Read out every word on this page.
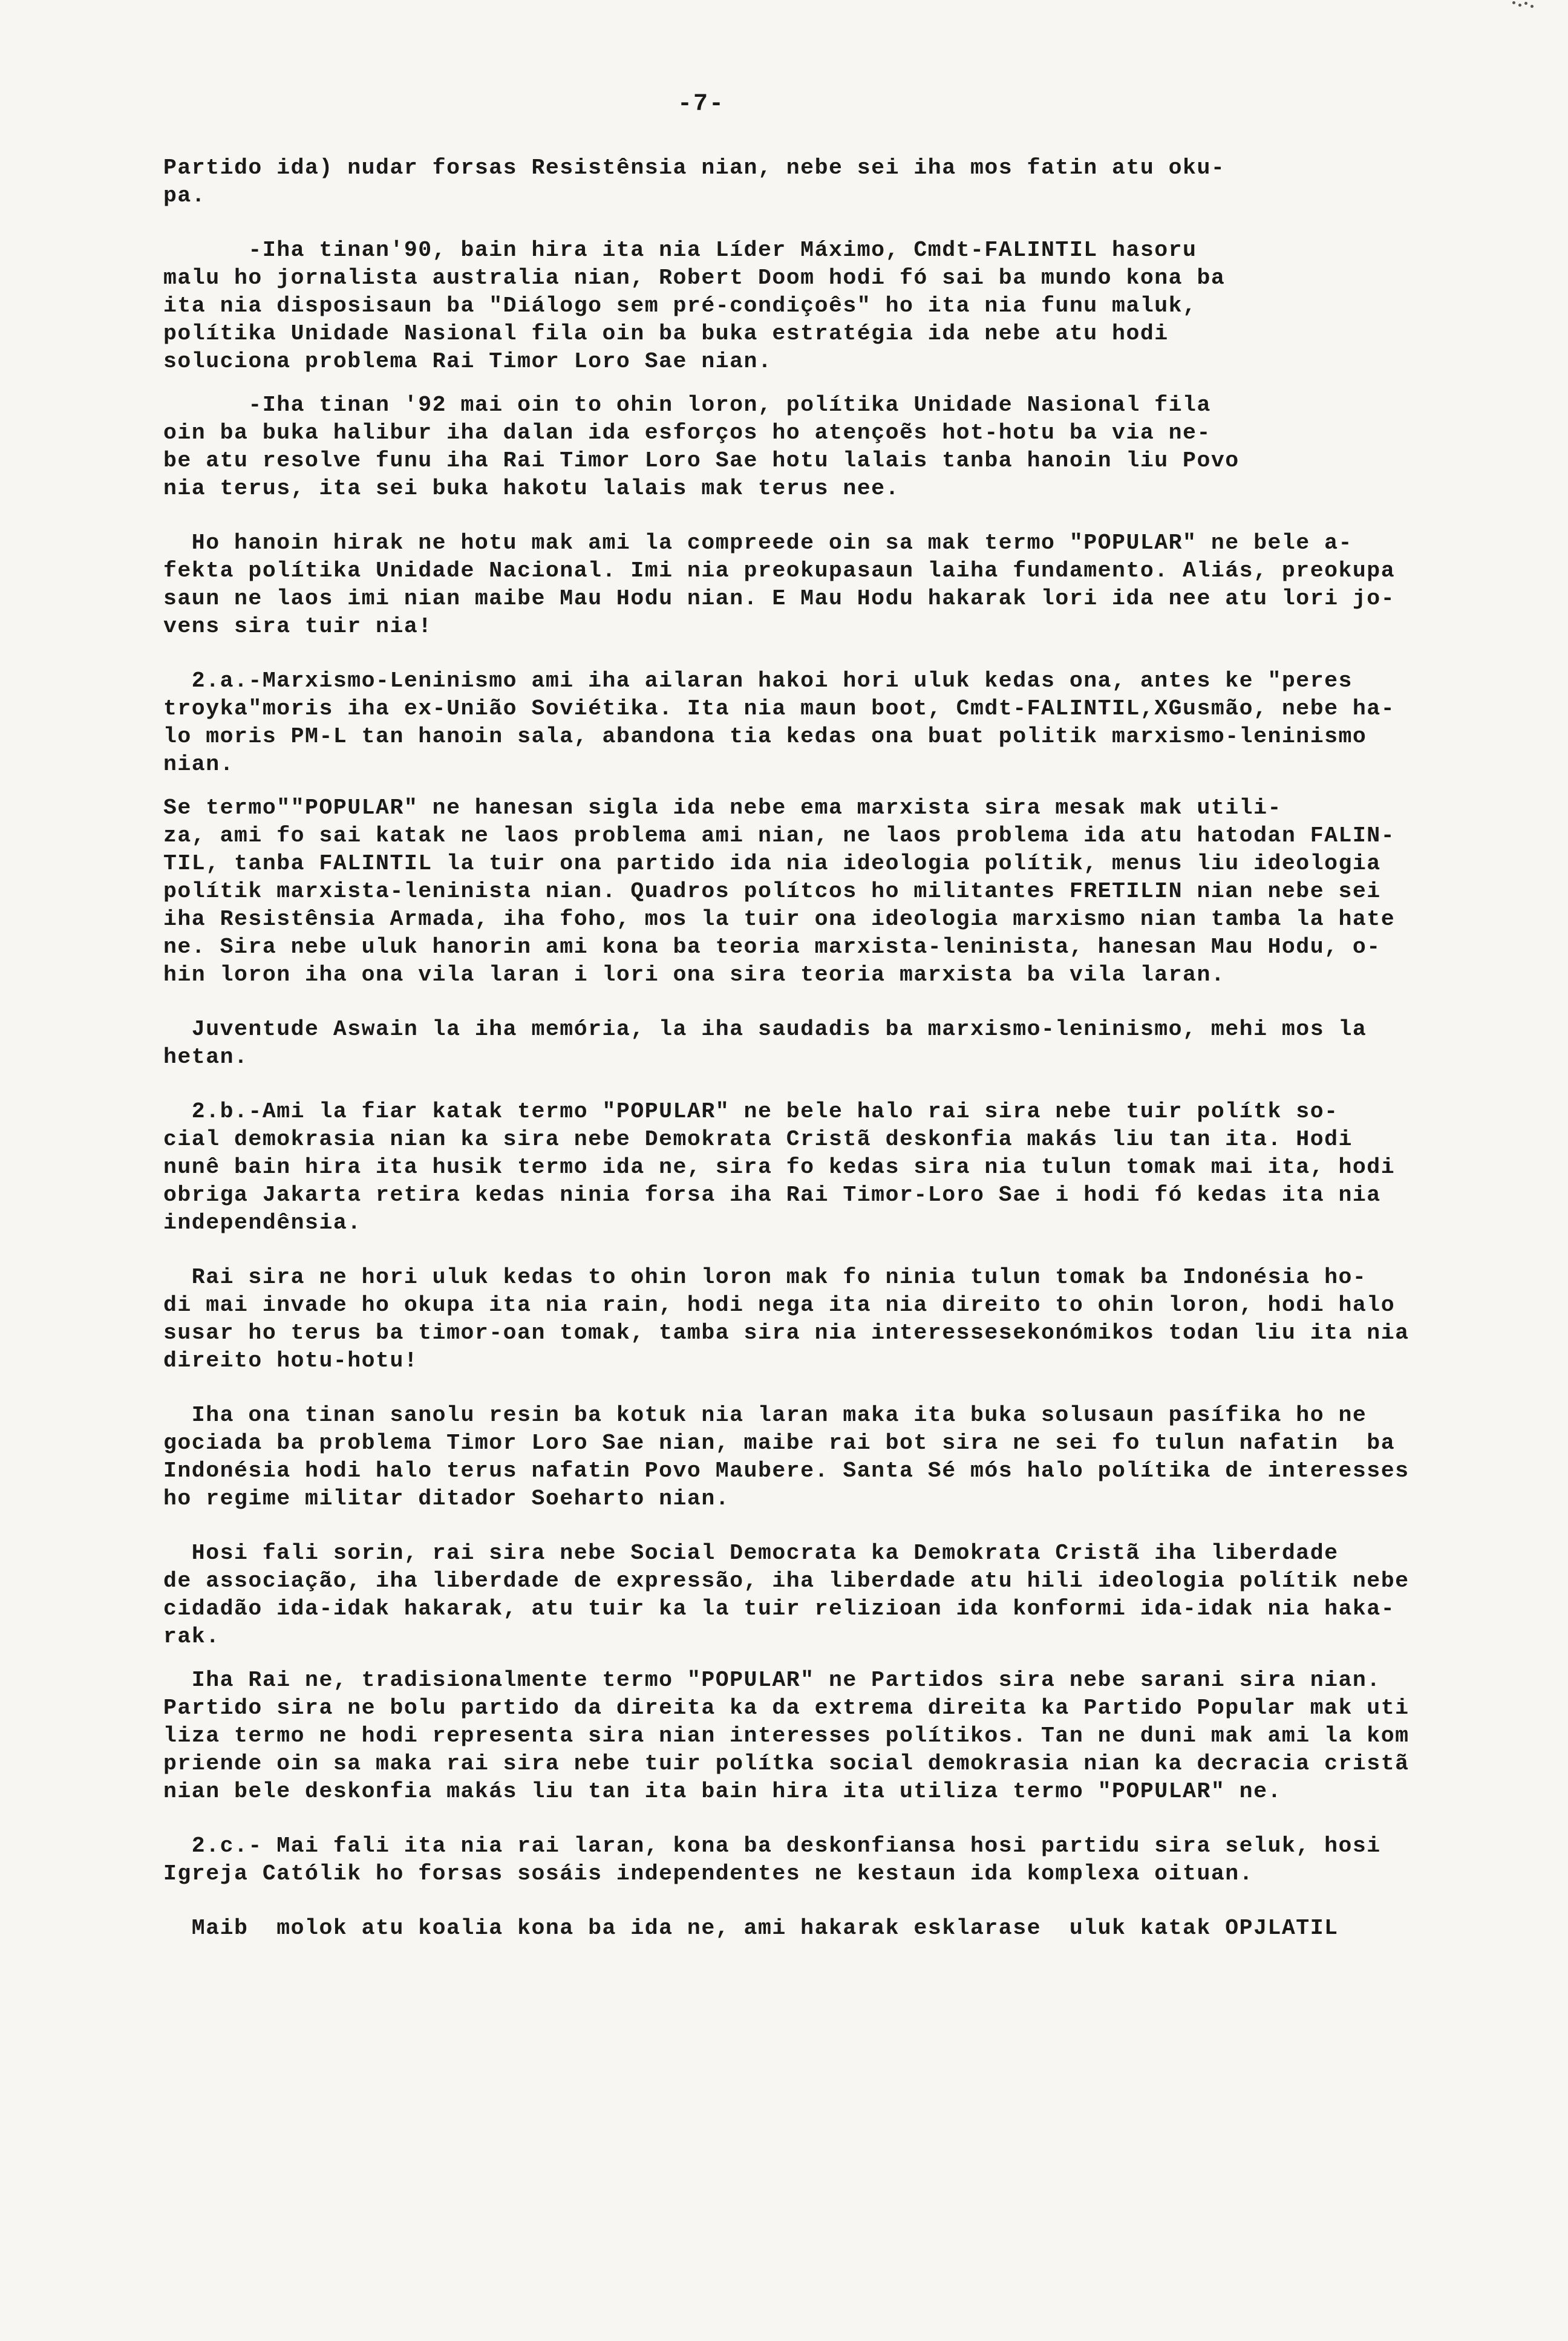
-7-

Partido ida) nudar forsas Resistênsia nian, nebe sei iha mos fatin atu oku-
pa.

-Iha tinan'90, bain hira ita nia Líder Máximo, Cmdt-FALINTIL hasoru
malu ho jornalista australia nian, Robert Doom hodi fó sai ba mundo kona ba
ita nia disposisaun ba "Diálogo sem pré-condiçoês" ho ita nia funu maluk,
polítika Unidade Nasional fila oin ba buka estratégia ida nebe atu hodi
soluciona problema Rai Timor Loro Sae nian.

-Iha tinan '92 mai oin to ohin loron, polítika Unidade Nasional fila
oin ba buka halibur iha dalan ida esforços ho atençoẽs hot-hotu ba via ne-
be atu resolve funu iha Rai Timor Loro Sae hotu lalais tanba hanoin liu Povo
nia terus, ita sei buka hakotu lalais mak terus nee.

Ho hanoin hirak ne hotu mak ami la compreede oin sa mak termo "POPULAR" ne bele a-
fekta polítika Unidade Nacional. Imi nia preokupasaun laiha fundamento. Aliás, preokupa
saun ne laos imi nian maibe Mau Hodu nian. E Mau Hodu hakarak lori ida nee atu lori jo-
vens sira tuir nia!

2.a.-Marxismo-Leninismo ami iha ailaran hakoi hori uluk kedas ona, antes ke "peres
troyka"moris iha ex-União Soviétika. Ita nia maun boot, Cmdt-FALINTIL,XGusmão, nebe ha-
lo moris PM-L tan hanoin sala, abandona tia kedas ona buat politik marxismo-leninismo
nian.

Se termo""POPULAR" ne hanesan sigla ida nebe ema marxista sira mesak mak utili-
za, ami fo sai katak ne laos problema ami nian, ne laos problema ida atu hatodan FALIN-
TIL, tanba FALINTIL la tuir ona partido ida nia ideologia polítik, menus liu ideologia
polítik marxista-leninista nian. Quadros polítcos ho militantes FRETILIN nian nebe sei
iha Resistênsia Armada, iha foho, mos la tuir ona ideologia marxismo nian tamba la hate
ne. Sira nebe uluk hanorin ami kona ba teoria marxista-leninista, hanesan Mau Hodu, o-
hin loron iha ona vila laran i lori ona sira teoria marxista ba vila laran.

Juventude Aswain la iha memória, la iha saudadis ba marxismo-leninismo, mehi mos la
hetan.

2.b.-Ami la fiar katak termo "POPULAR" ne bele halo rai sira nebe tuir polítk so-
cial demokrasia nian ka sira nebe Demokrata Cristã deskonfia makás liu tan ita. Hodi
nunê bain hira ita husik termo ida ne, sira fo kedas sira nia tulun tomak mai ita, hodi
obriga Jakarta retira kedas ninia forsa iha Rai Timor-Loro Sae i hodi fó kedas ita nia
independênsia.

Rai sira ne hori uluk kedas to ohin loron mak fo ninia tulun tomak ba Indonésia ho-
di mai invade ho okupa ita nia rain, hodi nega ita nia direito to ohin loron, hodi halo
susar ho terus ba timor-oan tomak, tamba sira nia interessesekonómikos todan liu ita nia
direito hotu-hotu!

Iha ona tinan sanolu resin ba kotuk nia laran maka ita buka solusaun pasífika ho ne
gociada ba problema Timor Loro Sae nian, maibe rai bot sira ne sei fo tulun nafatin  ba
Indonésia hodi halo terus nafatin Povo Maubere. Santa Sé mós halo polítika de interesses
ho regime militar ditador Soeharto nian.

Hosi fali sorin, rai sira nebe Social Democrata ka Demokrata Cristã iha liberdade
de associação, iha liberdade de expressão, iha liberdade atu hili ideologia polítik nebe
cidadão ida-idak hakarak, atu tuir ka la tuir relizioan ida konformi ida-idak nia haka-
rak.

Iha Rai ne, tradisionalmente termo "POPULAR" ne Partidos sira nebe sarani sira nian.
Partido sira ne bolu partido da direita ka da extrema direita ka Partido Popular mak uti
liza termo ne hodi representa sira nian interesses polítikos. Tan ne duni mak ami la kom
priende oin sa maka rai sira nebe tuir polítka social demokrasia nian ka decracia cristã
nian bele deskonfia makás liu tan ita bain hira ita utiliza termo "POPULAR" ne.

2.c.- Mai fali ita nia rai laran, kona ba deskonfiansa hosi partidu sira seluk, hosi
Igreja Católik ho forsas sosáis independentes ne kestaun ida komplexa oituan.

Maib  molok atu koalia kona ba ida ne, ami hakarak esklarase  uluk katak OPJLATIL
